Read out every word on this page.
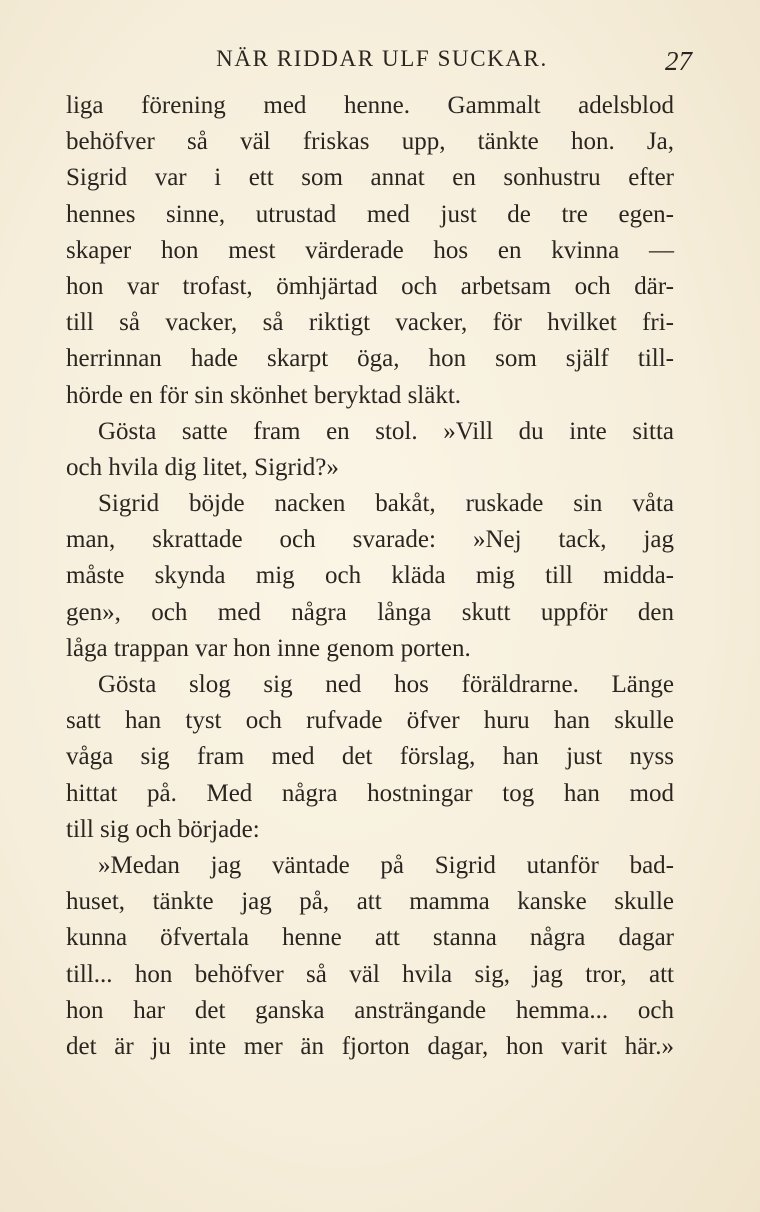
NÄR RIDDAR ULF SUCKAR.	27
liga förening med henne. Gammalt adelsblod
behöfver så väl friskas upp, tänkte hon. Ja,
Sigrid var i ett som annat en sonhustru efter
hennes sinne, utrustad med just de tre egen-
skaper hon mest värderade hos en kvinna —
hon var trofast, ömhjärtad och arbetsam och där-
till så vacker, så riktigt vacker, för hvilket fri-
herrinnan hade skarpt öga, hon som själf till-
hörde en för sin skönhet beryktad släkt.
Gösta satte fram en stol. »Vill du inte sitta
och hvila dig litet, Sigrid?»
Sigrid böjde nacken bakåt, ruskade sin våta
man, skrattade och svarade: »Nej tack, jag
måste skynda mig och kläda mig till midda-
gen», och med några långa skutt uppför den
låga trappan var hon inne genom porten.
Gösta slog sig ned hos föräldrarne. Länge
satt han tyst och rufvade öfver huru han skulle
våga sig fram med det förslag, han just nyss
hittat på. Med några hostningar tog han mod
till sig och började:
»Medan jag väntade på Sigrid utanför bad-
huset, tänkte jag på, att mamma kanske skulle
kunna öfvertala henne att stanna några dagar
till... hon behöfver så väl hvila sig, jag tror, att
hon har det ganska ansträngande hemma... och
det är ju inte mer än fjorton dagar, hon varit här.»
